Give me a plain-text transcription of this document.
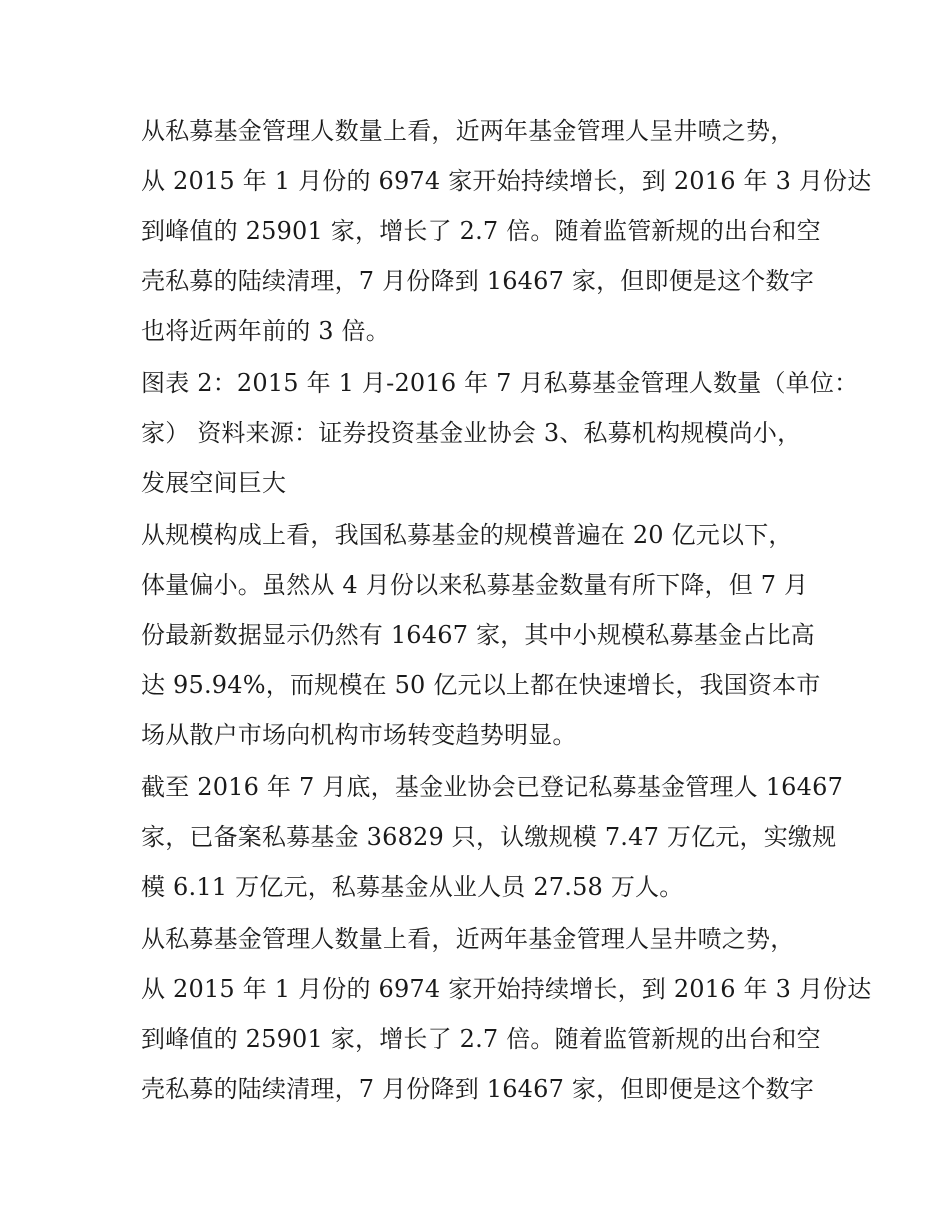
从私募基金管理人数量上看，近两年基金管理人呈井喷之势，
从 2015 年 1 月份的 6974 家开始持续增长，到 2016 年 3 月份达
到峰值的 25901 家，增长了 2.7 倍。随着监管新规的出台和空
壳私募的陆续清理，7 月份降到 16467 家，但即便是这个数字
也将近两年前的 3 倍。
图表 2：2015 年 1 月-2016 年 7 月私募基金管理人数量（单位：
家） 资料来源：证券投资基金业协会 3、私募机构规模尚小，
发展空间巨大
从规模构成上看，我国私募基金的规模普遍在 20 亿元以下，
体量偏小。虽然从 4 月份以来私募基金数量有所下降，但 7 月
份最新数据显示仍然有 16467 家，其中小规模私募基金占比高
达 95.94%，而规模在 50 亿元以上都在快速增长，我国资本市
场从散户市场向机构市场转变趋势明显。
截至 2016 年 7 月底，基金业协会已登记私募基金管理人 16467
家，已备案私募基金 36829 只，认缴规模 7.47 万亿元，实缴规
模 6.11 万亿元，私募基金从业人员 27.58 万人。
从私募基金管理人数量上看，近两年基金管理人呈井喷之势，
从 2015 年 1 月份的 6974 家开始持续增长，到 2016 年 3 月份达
到峰值的 25901 家，增长了 2.7 倍。随着监管新规的出台和空
壳私募的陆续清理，7 月份降到 16467 家，但即便是这个数字
